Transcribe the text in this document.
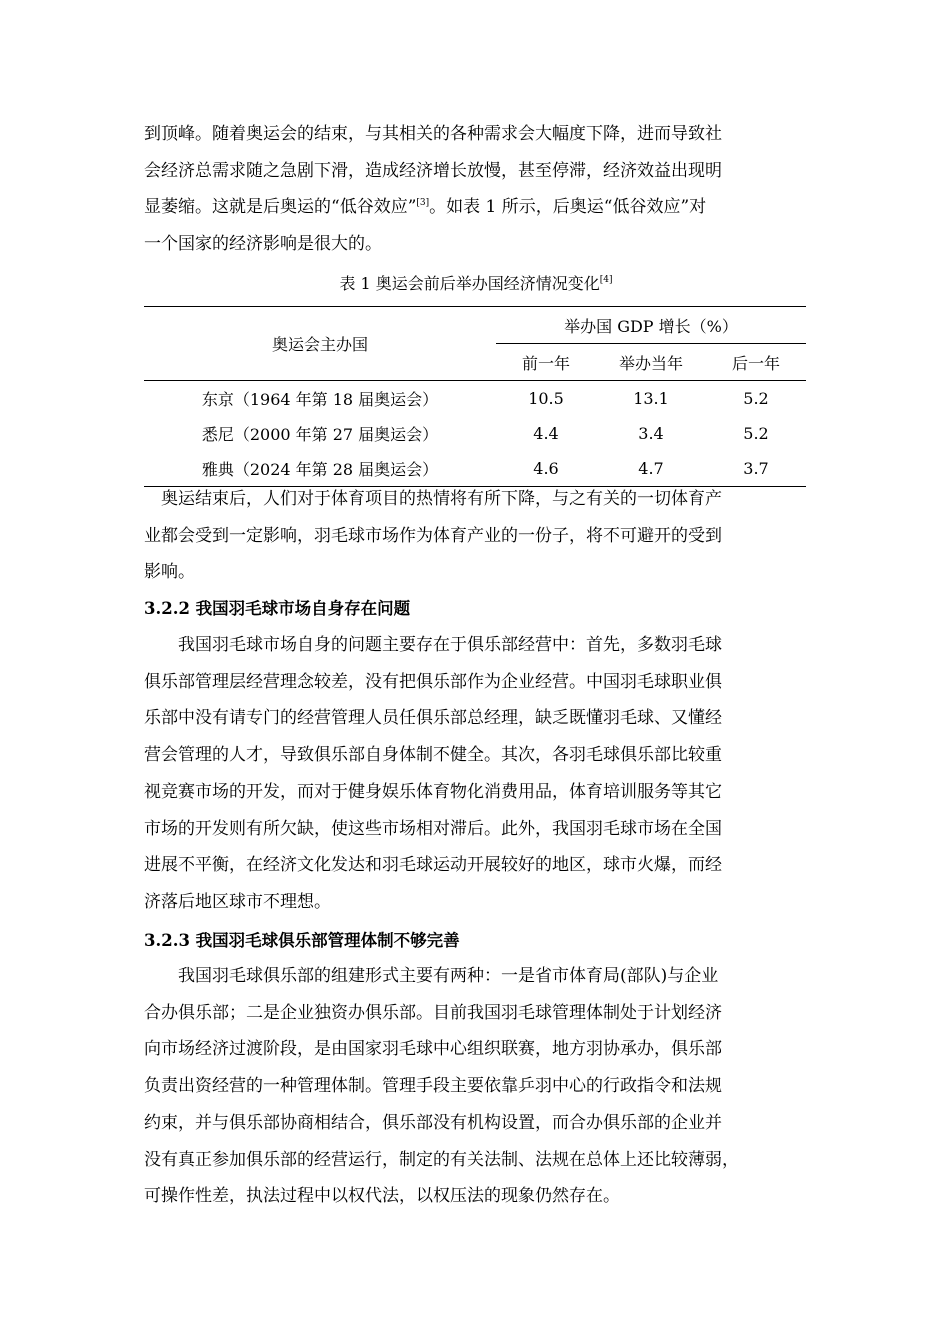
到顶峰。随着奥运会的结束，与其相关的各种需求会大幅度下降，进而导致社
会经济总需求随之急剧下滑，造成经济增长放慢，甚至停滞，经济效益出现明
显萎缩。这就是后奥运的“低谷效应”[3]。如表 1 所示，后奥运“低谷效应”对
一个国家的经济影响是很大的。
表 1 奥运会前后举办国经济情况变化[4]
奥运会主办国	举办国 GDP 增长（%）		
	前一年	举办当年	后一年
东京（1964 年第 18 届奥运会）	10.5	13.1	5.2
悉尼（2000 年第 27 届奥运会）	4.4	3.4	5.2
雅典（2024 年第 28 届奥运会）	4.6	4.7	3.7
奥运结束后，人们对于体育项目的热情将有所下降，与之有关的一切体育产
业都会受到一定影响，羽毛球市场作为体育产业的一份子，将不可避开的受到
影响。
3.2.2 我国羽毛球市场自身存在问题
我国羽毛球市场自身的问题主要存在于俱乐部经营中：首先，多数羽毛球
俱乐部管理层经营理念较差，没有把俱乐部作为企业经营。中国羽毛球职业俱
乐部中没有请专门的经营管理人员任俱乐部总经理，缺乏既懂羽毛球、又懂经
营会管理的人才，导致俱乐部自身体制不健全。其次，各羽毛球俱乐部比较重
视竞赛市场的开发，而对于健身娱乐体育物化消费用品，体育培训服务等其它
市场的开发则有所欠缺，使这些市场相对滞后。此外，我国羽毛球市场在全国
进展不平衡，在经济文化发达和羽毛球运动开展较好的地区，球市火爆，而经
济落后地区球市不理想。
3.2.3 我国羽毛球俱乐部管理体制不够完善
我国羽毛球俱乐部的组建形式主要有两种：一是省市体育局(部队)与企业
合办俱乐部；二是企业独资办俱乐部。目前我国羽毛球管理体制处于计划经济
向市场经济过渡阶段，是由国家羽毛球中心组织联赛，地方羽协承办，俱乐部
负责出资经营的一种管理体制。管理手段主要依靠乒羽中心的行政指令和法规
约束，并与俱乐部协商相结合，俱乐部没有机构设置，而合办俱乐部的企业并
没有真正参加俱乐部的经营运行，制定的有关法制、法规在总体上还比较薄弱，
可操作性差，执法过程中以权代法，以权压法的现象仍然存在。
